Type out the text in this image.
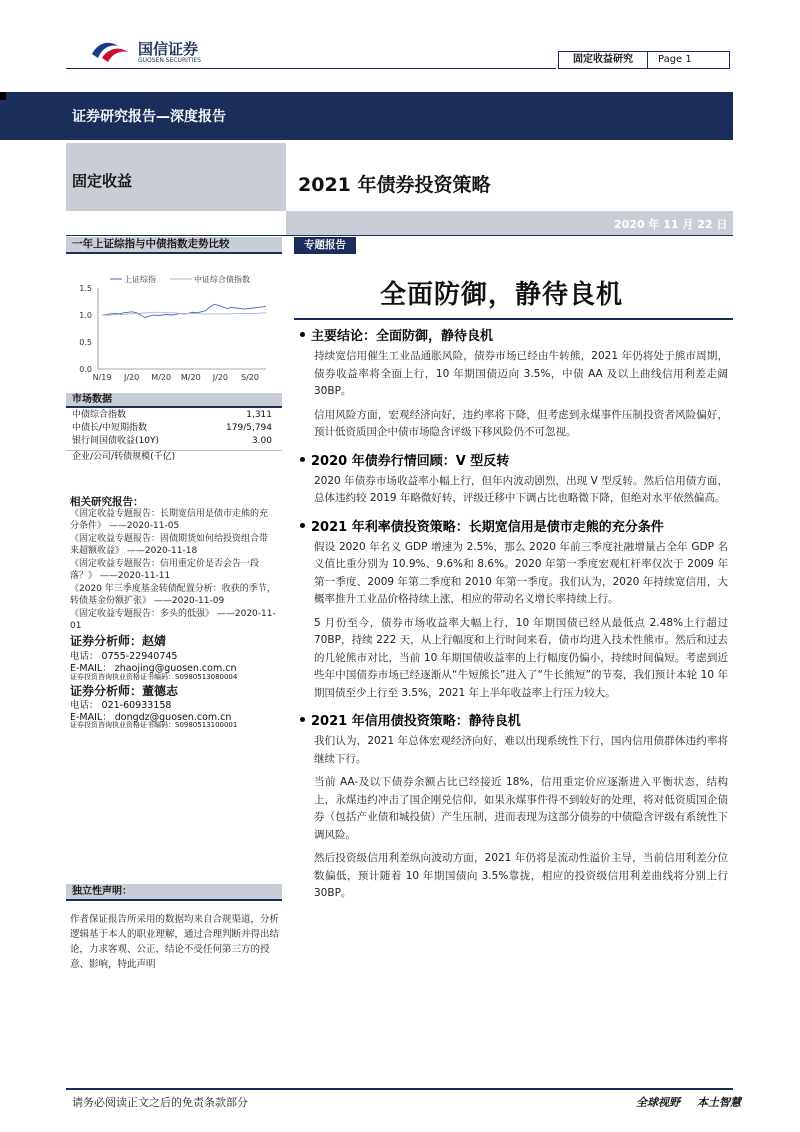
国信证券
GUOSEN SECURITIES	固定收益研究	Page 1
证券研究报告—深度报告
固定收益	2021 年债券投资策略
2020 年 11 月 22 日
一年上证综指与中债指数走势比较
上证综指	中证综合债指数
1.5
1.0
0.5
0.0
N/19 J/20 M/20 M/20 J/20 S/20
市场数据
中债综合指数	1,311
中债长/中短期指数	179/5,794
银行间国债收益(10Y)	3.00
企业/公司/转债规模(千亿)
相关研究报告：
《固定收益专题报告：长期宽信用是债市走熊的充分条件》 ——2020-11-05
《固定收益专题报告：固债期货如何给投资组合带来超额收益》 ——2020-11-18
《固定收益专题报告：信用重定价是否会告一段落？》 ——2020-11-11
《2020 年三季度基金转债配置分析：收获的季节，转债基金份额扩张》 ——2020-11-09
《固定收益专题报告：多头的低强》 ——2020-11-01
证券分析师：赵婧
电话： 0755-22940745
E-MAIL： zhaojing@guosen.com.cn
证券投资咨询执业资格证书编码：S0980513080004
证券分析师：董德志
电话： 021-60933158
E-MAIL： dongdz@guosen.com.cn
证券投资咨询执业资格证书编码：S0980513100001
独立性声明：
作者保证报告所采用的数据均来自合规渠道，分析逻辑基于本人的职业理解，通过合理判断并得出结论，力求客观、公正，结论不受任何第三方的授意、影响，特此声明
专题报告
全面防御，静待良机
主要结论：全面防御，静待良机
持续宽信用催生工业品通胀风险，债券市场已经由牛转熊，2021 年仍将处于熊市周期，债券收益率将全面上行，10 年期国债迈向 3.5%，中债 AA 及以上曲线信用利差走阔 30BP。
信用风险方面，宏观经济向好，违约率将下降，但考虑到永煤事件压制投资者风险偏好，预计低资质国企中债市场隐含评级下移风险仍不可忽视。
2020 年债券行情回顾：V 型反转
2020 年债券市场收益率小幅上行，但年内波动剧烈，出现 V 型反转。然后信用债方面，总体违约较 2019 年略微好转，评级迁移中下调占比也略微下降，但绝对水平依然偏高。
2021 年利率债投资策略：长期宽信用是债市走熊的充分条件
假设 2020 年名义 GDP 增速为 2.5%，那么 2020 年前三季度社融增量占全年 GDP 名义值比重分别为 10.9%、9.6%和 8.6%。2020 年第一季度宏观杠杆率仅次于 2009 年第一季度、2009 年第二季度和 2010 年第一季度。我们认为，2020 年持续宽信用，大概率推升工业品价格持续上涨，相应的带动名义增长率持续上行。
5 月份至今，债券市场收益率大幅上行，10 年期国债已经从最低点 2.48%上行超过 70BP，持续 222 天，从上行幅度和上行时间来看，债市均进入技术性熊市。然后和过去的几轮熊市对比，当前 10 年期国债收益率的上行幅度仍偏小，持续时间偏短。考虑到近些年中国债券市场已经逐渐从“牛短熊长”进入了“牛长熊短”的节奏，我们预计本轮 10 年期国债至少上行至 3.5%，2021 年上半年收益率上行压力较大。
2021 年信用债投资策略：静待良机
我们认为，2021 年总体宏观经济向好，难以出现系统性下行，国内信用债群体违约率将继续下行。
当前 AA-及以下债券余额占比已经接近 18%，信用重定价应逐渐进入平衡状态，结构上，永煤违约冲击了国企刚兑信仰，如果永煤事件得不到较好的处理，将对低资质国企债券（包括产业债和城投债）产生压制，进而表现为这部分债券的中债隐含评级有系统性下调风险。
然后投资级信用利差纵向波动方面，2021 年仍将是流动性溢价主导，当前信用利差分位数偏低，预计随着 10 年期国债向 3.5%靠拢，相应的投资级信用利差曲线将分别上行 30BP。
请务必阅读正文之后的免责条款部分	全球视野 本土智慧
